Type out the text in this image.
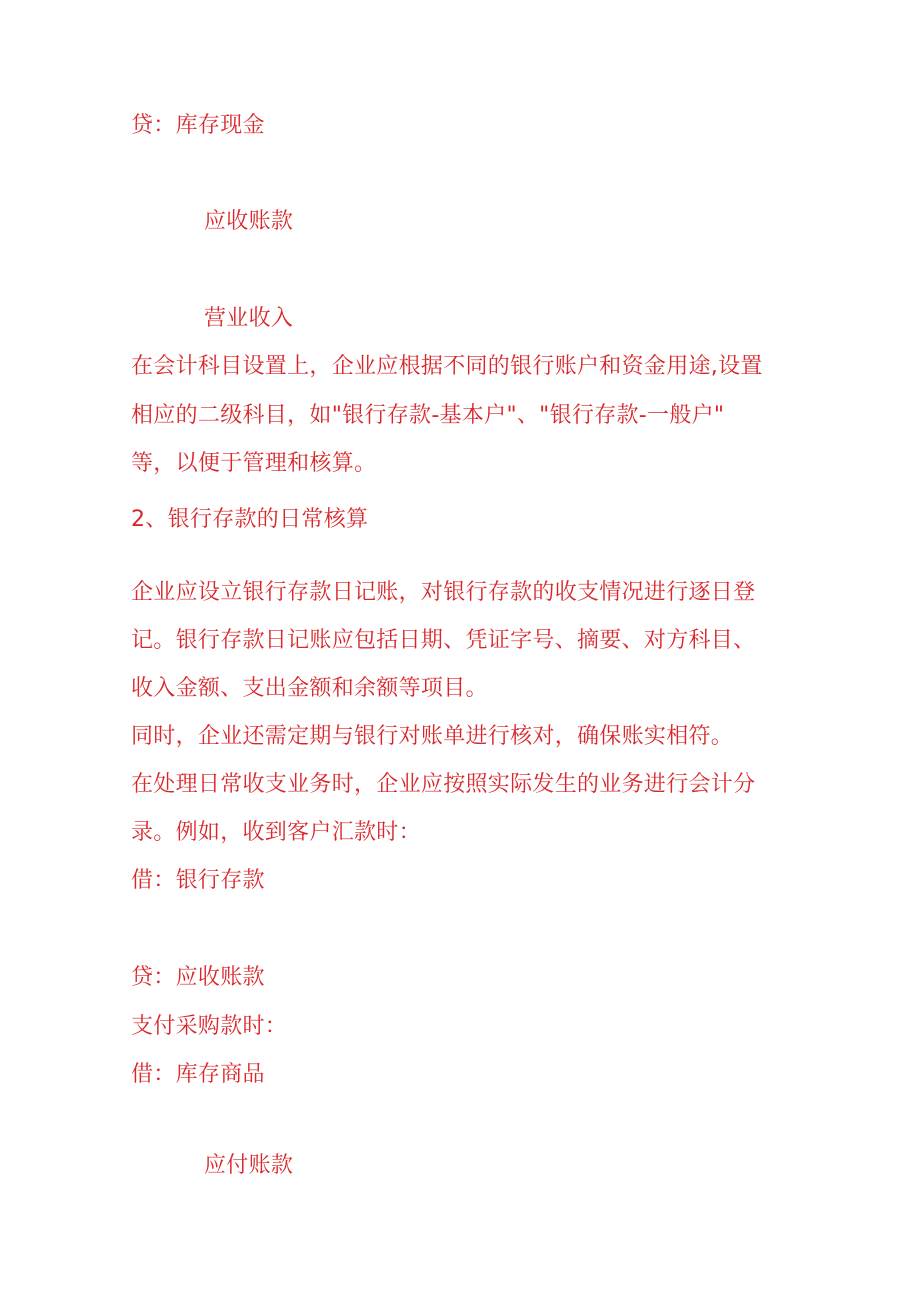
贷：库存现金
应收账款
营业收入
在会计科目设置上，企业应根据不同的银行账户和资金用途,设置
相应的二级科目，如"银行存款-基本户"、"银行存款-一般户"
等，以便于管理和核算。
2、银行存款的日常核算
企业应设立银行存款日记账，对银行存款的收支情况进行逐日登
记。银行存款日记账应包括日期、凭证字号、摘要、对方科目、
收入金额、支出金额和余额等项目。
同时，企业还需定期与银行对账单进行核对，确保账实相符。
在处理日常收支业务时，企业应按照实际发生的业务进行会计分
录。例如，收到客户汇款时：
借：银行存款
贷：应收账款
支付采购款时：
借：库存商品
应付账款
